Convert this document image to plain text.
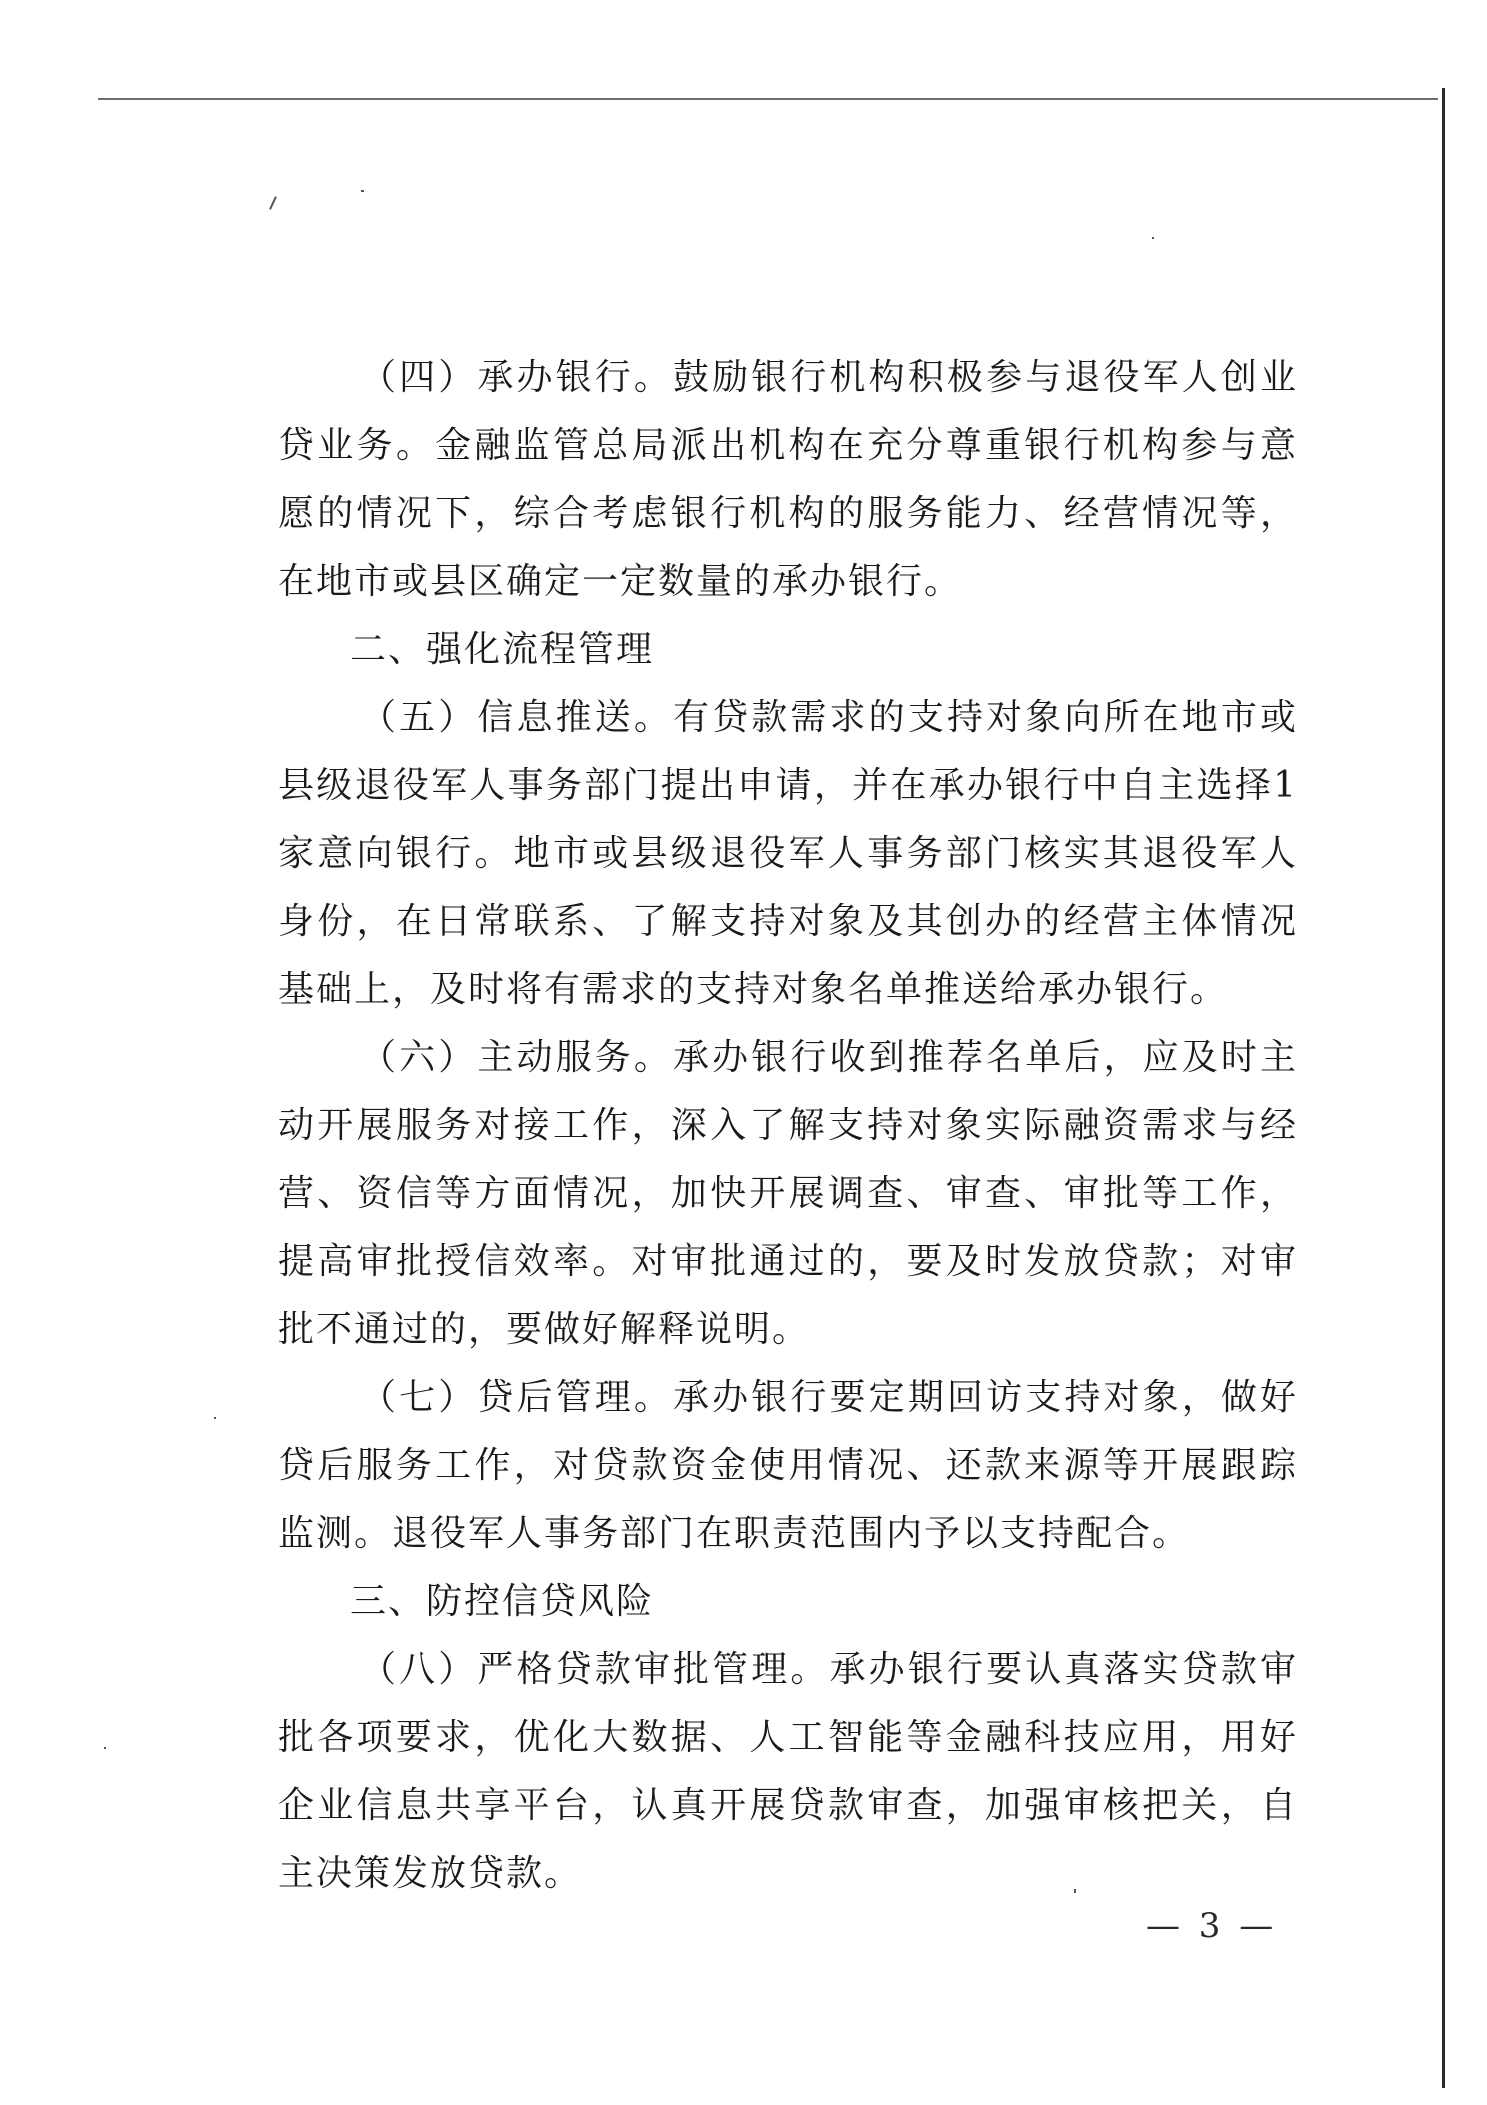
（四）承办银行。鼓励银行机构积极参与退役军人创业贷业务。金融监管总局派出机构在充分尊重银行机构参与意愿的情况下，综合考虑银行机构的服务能力、经营情况等，在地市或县区确定一定数量的承办银行。

二、强化流程管理

（五）信息推送。有贷款需求的支持对象向所在地市或县级退役军人事务部门提出申请，并在承办银行中自主选择1家意向银行。地市或县级退役军人事务部门核实其退役军人身份，在日常联系、了解支持对象及其创办的经营主体情况基础上，及时将有需求的支持对象名单推送给承办银行。

（六）主动服务。承办银行收到推荐名单后，应及时主动开展服务对接工作，深入了解支持对象实际融资需求与经营、资信等方面情况，加快开展调查、审查、审批等工作，提高审批授信效率。对审批通过的，要及时发放贷款；对审批不通过的，要做好解释说明。

（七）贷后管理。承办银行要定期回访支持对象，做好贷后服务工作，对贷款资金使用情况、还款来源等开展跟踪监测。退役军人事务部门在职责范围内予以支持配合。

三、防控信贷风险

（八）严格贷款审批管理。承办银行要认真落实贷款审批各项要求，优化大数据、人工智能等金融科技应用，用好企业信息共享平台，认真开展贷款审查，加强审核把关，自主决策发放贷款。

— 3 —
